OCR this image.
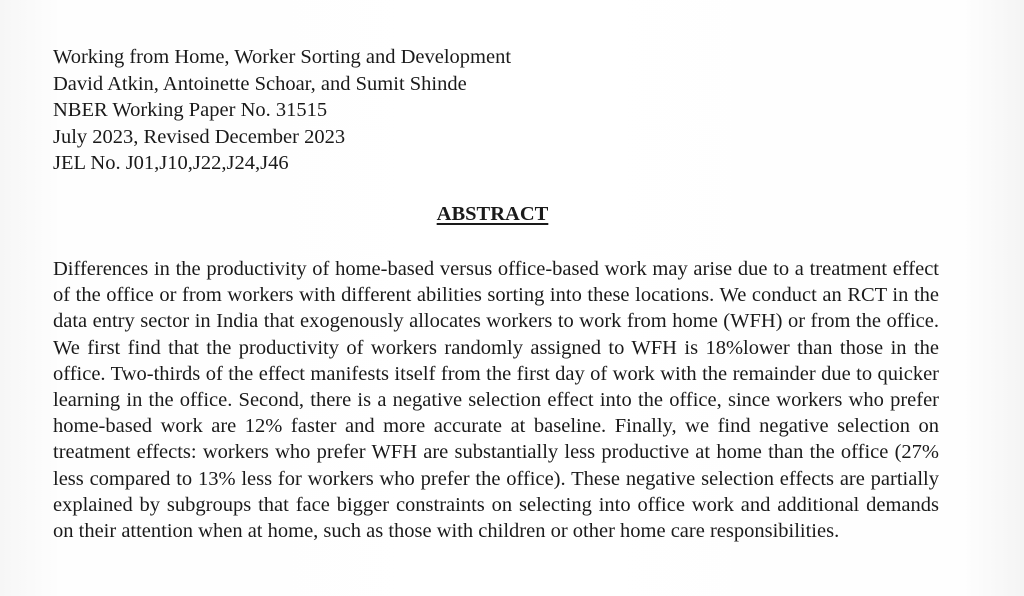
Working from Home, Worker Sorting and Development
David Atkin, Antoinette Schoar, and Sumit Shinde
NBER Working Paper No. 31515
July 2023, Revised December 2023
JEL No. J01,J10,J22,J24,J46
ABSTRACT

Differences in the productivity of home-based versus office-based work may arise due to a treatment effect of the office or from workers with different abilities sorting into these locations. We conduct an RCT in the data entry sector in India that exogenously allocates workers to work from home (WFH) or from the office. We first find that the productivity of workers randomly assigned to WFH is 18%lower than those in the office. Two-thirds of the effect manifests itself from the first day of work with the remainder due to quicker learning in the office. Second, there is a negative selection effect into the office, since workers who prefer home-based work are 12% faster and more accurate at baseline. Finally, we find negative selection on treatment effects: workers who prefer WFH are substantially less productive at home than the office (27% less compared to 13% less for workers who prefer the office). These negative selection effects are partially explained by subgroups that face bigger constraints on selecting into office work and additional demands on their attention when at home, such as those with children or other home care responsibilities.
